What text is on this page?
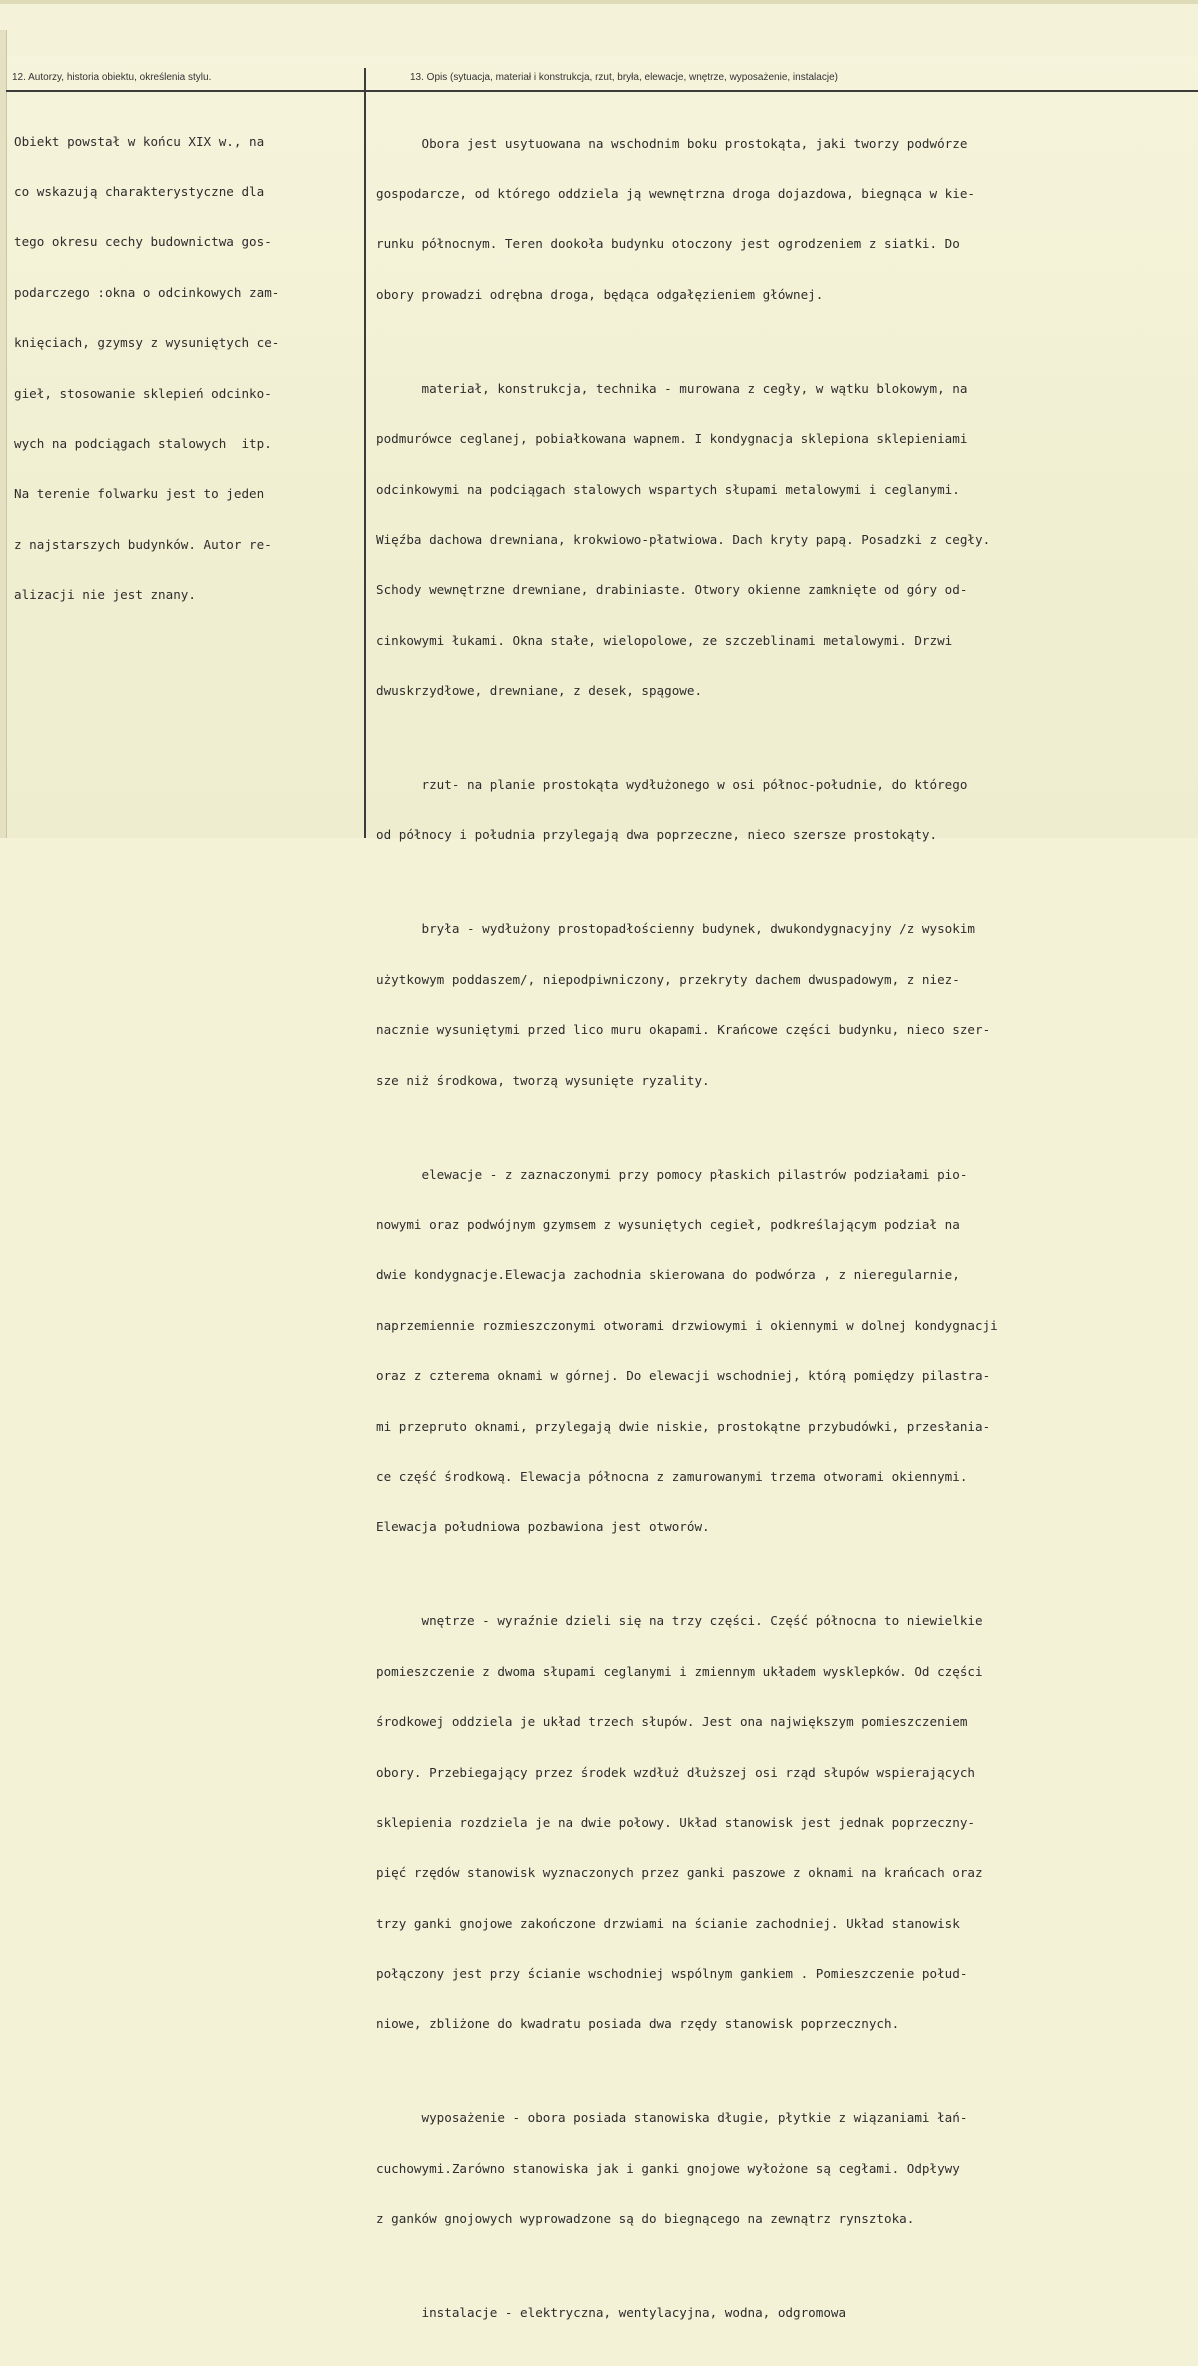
12. Autorzy, historia obiektu, określenia stylu.	13. Opis (sytuacja, materiał i konstrukcja, rzut, bryła, elewacje, wnętrze, wyposażenie, instalacje)

Obiekt powstał w końcu XIX w., na

co wskazują charakterystyczne dla

tego okresu cechy budownictwa gos-

podarczego :okna o odcinkowych zam-

knięciach, gzymsy z wysuniętych ce-

gieł, stosowanie sklepień odcinko-

wych na podciągach stalowych  itp.

Na terenie folwarku jest to jeden

z najstarszych budynków. Autor re-

alizacji nie jest znany.

Obora jest usytuowana na wschodnim boku prostokąta, jaki tworzy podwórze

gospodarcze, od którego oddziela ją wewnętrzna droga dojazdowa, biegnąca w kie-

runku północnym. Teren dookoła budynku otoczony jest ogrodzeniem z siatki. Do

obory prowadzi odrębna droga, będąca odgałęzieniem głównej.

materiał, konstrukcja, technika - murowana z cegły, w wątku blokowym, na

podmurówce ceglanej, pobiałkowana wapnem. I kondygnacja sklepiona sklepieniami

odcinkowymi na podciągach stalowych wspartych słupami metalowymi i ceglanymi.

Więźba dachowa drewniana, krokwiowo-płatwiowa. Dach kryty papą. Posadzki z cegły.

Schody wewnętrzne drewniane, drabiniaste. Otwory okienne zamknięte od góry od-

cinkowymi łukami. Okna stałe, wielopolowe, ze szczeblinami metalowymi. Drzwi

dwuskrzydłowe, drewniane, z desek, spągowe.

rzut- na planie prostokąta wydłużonego w osi północ-południe, do którego

od północy i południa przylegają dwa poprzeczne, nieco szersze prostokąty.

bryła - wydłużony prostopadłościenny budynek, dwukondygnacyjny /z wysokim

użytkowym poddaszem/, niepodpiwniczony, przekryty dachem dwuspadowym, z niez-

nacznie wysuniętymi przed lico muru okapami. Krańcowe części budynku, nieco szer-

sze niż środkowa, tworzą wysunięte ryzality.

elewacje - z zaznaczonymi przy pomocy płaskich pilastrów podziałami pio-

nowymi oraz podwójnym gzymsem z wysuniętych cegieł, podkreślającym podział na

dwie kondygnacje.Elewacja zachodnia skierowana do podwórza , z nieregularnie,

naprzemiennie rozmieszczonymi otworami drzwiowymi i okiennymi w dolnej kondygnacji

oraz z czterema oknami w górnej. Do elewacji wschodniej, którą pomiędzy pilastra-

mi przepruto oknami, przylegają dwie niskie, prostokątne przybudówki, przesłania-

ce część środkową. Elewacja północna z zamurowanymi trzema otworami okiennymi.

Elewacja południowa pozbawiona jest otworów.

wnętrze - wyraźnie dzieli się na trzy części. Część północna to niewielkie

pomieszczenie z dwoma słupami ceglanymi i zmiennym układem wysklepków. Od części

środkowej oddziela je układ trzech słupów. Jest ona największym pomieszczeniem

obory. Przebiegający przez środek wzdłuż dłuższej osi rząd słupów wspierających

sklepienia rozdziela je na dwie połowy. Układ stanowisk jest jednak poprzeczny-

pięć rzędów stanowisk wyznaczonych przez ganki paszowe z oknami na krańcach oraz

trzy ganki gnojowe zakończone drzwiami na ścianie zachodniej. Układ stanowisk

połączony jest przy ścianie wschodniej wspólnym gankiem . Pomieszczenie połud-

niowe, zbliżone do kwadratu posiada dwa rzędy stanowisk poprzecznych.

wyposażenie - obora posiada stanowiska długie, płytkie z wiązaniami łań-

cuchowymi.Zarówno stanowiska jak i ganki gnojowe wyłożone są cegłami. Odpływy

z ganków gnojowych wyprowadzone są do biegnącego na zewnątrz rynsztoka.

instalacje - elektryczna, wentylacyjna, wodna, odgromowa
